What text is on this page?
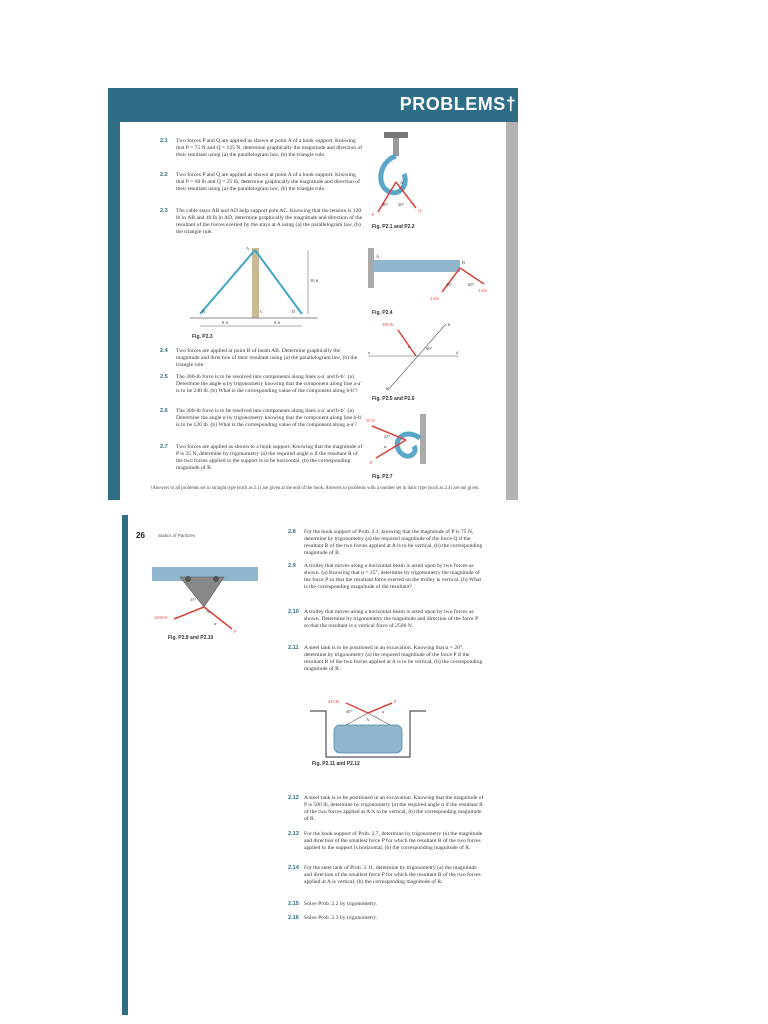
PROBLEMS†
2.1 Two forces P and Q are applied as shown at point A of a hook support. Knowing that P = 75 N and Q = 125 N, determine graphically the magnitude and direction of their resultant using (a) the parallelogram law, (b) the triangle rule.
2.2 Two forces P and Q are applied as shown at point A of a hook support. Knowing that P = 60 lb and Q = 25 lb, determine graphically the magnitude and direction of their resultant using (a) the parallelogram law, (b) the triangle rule.
2.3 The cable stays AB and AD help support pole AC. Knowing that the tension is 120 lb in AB and 40 lb in AD, determine graphically the magnitude and direction of the resultant of the forces exerted by the stays at A using (a) the parallelogram law, (b) the triangle rule.
A
P
Q
30° 20°
Fig. P2.1 and P2.2
A
B	C	D
10 ft
8 ft	6 ft
Fig. P2.3
A
B
2 kN
3 kN
40°	60°
Fig. P2.4
2.4 Two forces are applied at point B of beam AB. Determine graphically the magnitude and direction of their resultant using (a) the parallelogram law, (b) the triangle rule.
2.5 The 300-lb force is to be resolved into components along lines a-a′ and b-b′. (a) Determine the angle α by trigonometry knowing that the component along line a-a′ is to be 240 lb. (b) What is the corresponding value of the component along b-b′?
2.6 The 300-lb force is to be resolved into components along lines a-a′ and b-b′. (a) Determine the angle α by trigonometry knowing that the component along line b-b′ is to be 120 lb. (b) What is the corresponding value of the component along a-a′?
2.7 Two forces are applied as shown to a hook support. Knowing that the magnitude of P is 35 N, determine by trigonometry (a) the required angle α if the resultant R of the two forces applied to the support is to be horizontal, (b) the corresponding magnitude of R.
300 lb
a	a′
b
b′
α	60°
Fig. P2.5 and P2.6
50 N
25°
α
P
Fig. P2.7
†Answers to all problems set in straight type (such as 2.1) are given at the end of the book. Answers to problems with a number set in italic type (such as 2.4) are not given.
26	Statics of Particles
1600 N
A
P
α
15°
Fig. P2.9 and P2.10
2.8 For the hook support of Prob. 2.1, knowing that the magnitude of P is 75 N, determine by trigonometry (a) the required magnitude of the force Q if the resultant R of the two forces applied at A is to be vertical, (b) the corresponding magnitude of R.
2.9 A trolley that moves along a horizontal beam is acted upon by two forces as shown. (a) Knowing that α = 25°, determine by trigonometry the magnitude of the force P so that the resultant force exerted on the trolley is vertical. (b) What is the corresponding magnitude of the resultant?
2.10 A trolley that moves along a horizontal beam is acted upon by two forces as shown. Determine by trigonometry the magnitude and direction of the force P so that the resultant is a vertical force of 2500 N.
2.11 A steel tank is to be positioned in an excavation. Knowing that α = 20°, determine by trigonometry (a) the required magnitude of the force P if the resultant R of the two forces applied at A is to be vertical, (b) the corresponding magnitude of R.
425 lb
30°
A
P
α
Fig. P2.11 and P2.12
2.12 A steel tank is to be positioned in an excavation. Knowing that the magnitude of P is 500 lb, determine by trigonometry (a) the required angle α if the resultant R of the two forces applied at A is to be vertical, (b) the corresponding magnitude of R.
2.13 For the hook support of Prob. 2.7, determine by trigonometry (a) the magnitude and direction of the smallest force P for which the resultant R of the two forces applied to the support is horizontal, (b) the corresponding magnitude of R.
2.14 For the steel tank of Prob. 2.11, determine by trigonometry (a) the magnitude and direction of the smallest force P for which the resultant R of the two forces applied at A is vertical, (b) the corresponding magnitude of R.
2.15 Solve Prob. 2.2 by trigonometry.
2.16 Solve Prob. 2.3 by trigonometry.
